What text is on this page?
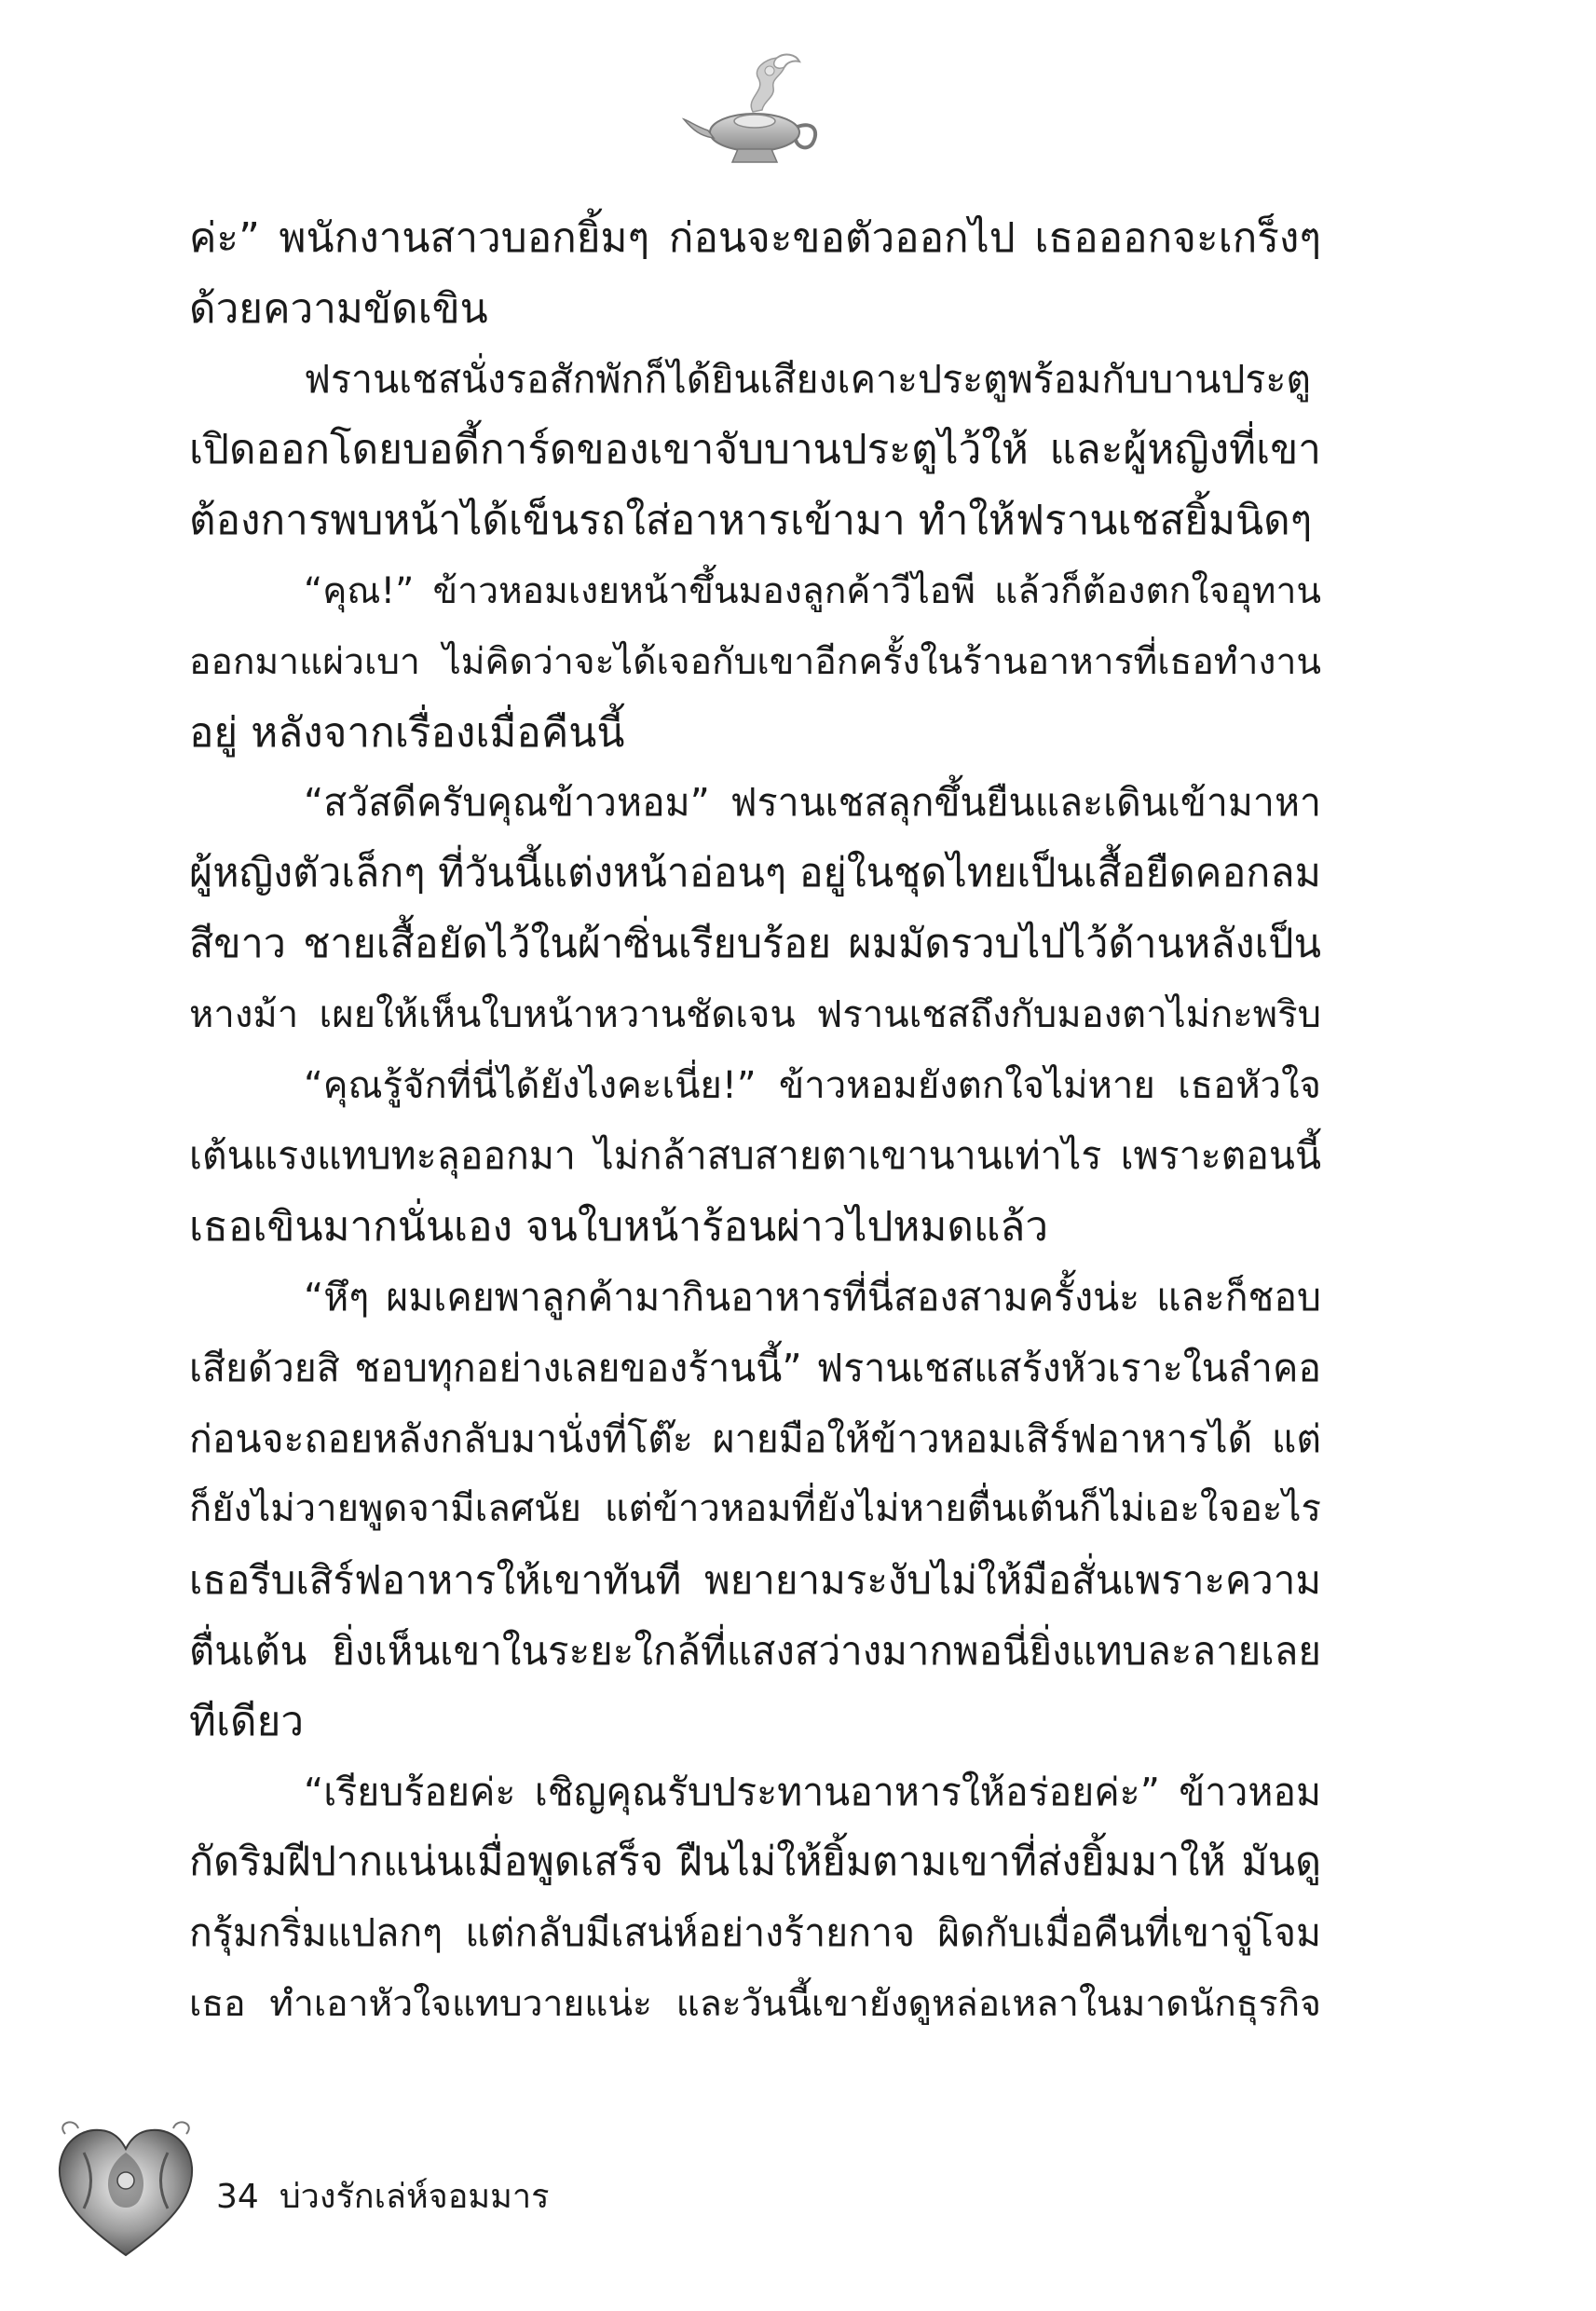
ค่ะ” พนักงานสาวบอกยิ้มๆ ก่อนจะขอตัวออกไป เธอออกจะเกร็งๆ
ด้วยความขัดเขิน
ฟรานเชสนั่งรอสักพักก็ได้ยินเสียงเคาะประตูพร้อมกับบานประตู
เปิดออกโดยบอดี้การ์ดของเขาจับบานประตูไว้ให้ และผู้หญิงที่เขา
ต้องการพบหน้าได้เข็นรถใส่อาหารเข้ามา ทำให้ฟรานเชสยิ้มนิดๆ
“คุณ!” ข้าวหอมเงยหน้าขึ้นมองลูกค้าวีไอพี แล้วก็ต้องตกใจอุทาน
ออกมาแผ่วเบา ไม่คิดว่าจะได้เจอกับเขาอีกครั้งในร้านอาหารที่เธอทำงาน
อยู่ หลังจากเรื่องเมื่อคืนนี้
“สวัสดีครับคุณข้าวหอม” ฟรานเชสลุกขึ้นยืนและเดินเข้ามาหา
ผู้หญิงตัวเล็กๆ ที่วันนี้แต่งหน้าอ่อนๆ อยู่ในชุดไทยเป็นเสื้อยืดคอกลม
สีขาว ชายเสื้อยัดไว้ในผ้าซิ่นเรียบร้อย ผมมัดรวบไปไว้ด้านหลังเป็น
หางม้า เผยให้เห็นใบหน้าหวานชัดเจน ฟรานเชสถึงกับมองตาไม่กะพริบ
“คุณรู้จักที่นี่ได้ยังไงคะเนี่ย!” ข้าวหอมยังตกใจไม่หาย เธอหัวใจ
เต้นแรงแทบทะลุออกมา ไม่กล้าสบสายตาเขานานเท่าไร เพราะตอนนี้
เธอเขินมากนั่นเอง จนใบหน้าร้อนผ่าวไปหมดแล้ว
“หึๆ ผมเคยพาลูกค้ามากินอาหารที่นี่สองสามครั้งน่ะ และก็ชอบ
เสียด้วยสิ ชอบทุกอย่างเลยของร้านนี้” ฟรานเชสแสร้งหัวเราะในลำคอ
ก่อนจะถอยหลังกลับมานั่งที่โต๊ะ ผายมือให้ข้าวหอมเสิร์ฟอาหารได้ แต่
ก็ยังไม่วายพูดจามีเลศนัย แต่ข้าวหอมที่ยังไม่หายตื่นเต้นก็ไม่เอะใจอะไร
เธอรีบเสิร์ฟอาหารให้เขาทันที พยายามระงับไม่ให้มือสั่นเพราะความ
ตื่นเต้น ยิ่งเห็นเขาในระยะใกล้ที่แสงสว่างมากพอนี่ยิ่งแทบละลายเลย
ทีเดียว
“เรียบร้อยค่ะ เชิญคุณรับประทานอาหารให้อร่อยค่ะ” ข้าวหอม
กัดริมฝีปากแน่นเมื่อพูดเสร็จ ฝืนไม่ให้ยิ้มตามเขาที่ส่งยิ้มมาให้ มันดู
กรุ้มกริ่มแปลกๆ แต่กลับมีเสน่ห์อย่างร้ายกาจ ผิดกับเมื่อคืนที่เขาจู่โจม
เธอ ทำเอาหัวใจแทบวายแน่ะ และวันนี้เขายังดูหล่อเหลาในมาดนักธุรกิจ
34 บ่วงรักเล่ห์จอมมาร
